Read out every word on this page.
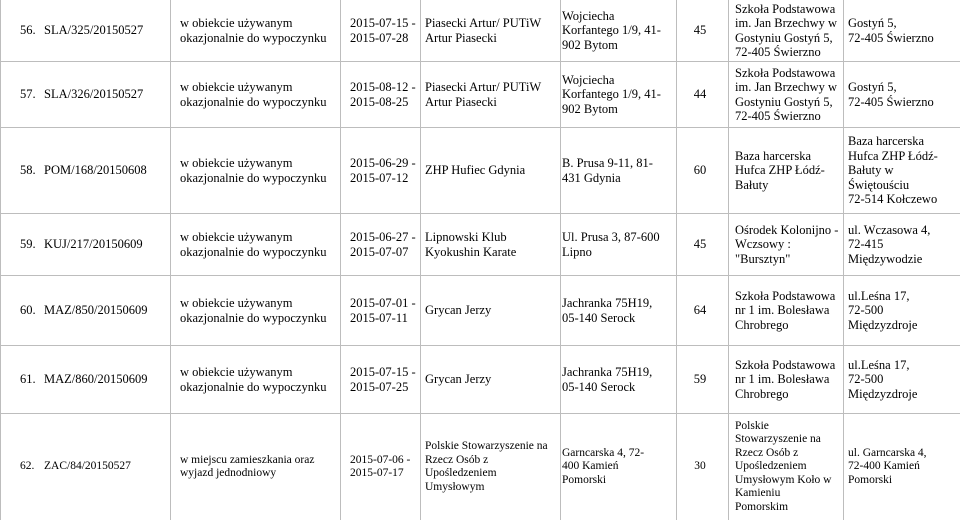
56. SLA/325/20150527
w obiekcie używanym
okazjonalnie do wypoczynku
2015-07-15 -
2015-07-28
Piasecki Artur/ PUTiW
Artur Piasecki
Wojciecha
Korfantego 1/9, 41-
902 Bytom
45
Szkoła Podstawowa
im. Jan Brzechwy w
Gostyniu Gostyń 5,
72-405 Świerzno
Gostyń 5,
72-405 Świerzno
57. SLA/326/20150527
w obiekcie używanym
okazjonalnie do wypoczynku
2015-08-12 -
2015-08-25
Piasecki Artur/ PUTiW
Artur Piasecki
Wojciecha
Korfantego 1/9, 41-
902 Bytom
44
Szkoła Podstawowa
im. Jan Brzechwy w
Gostyniu Gostyń 5,
72-405 Świerzno
Gostyń 5,
72-405 Świerzno
58. POM/168/20150608
w obiekcie używanym
okazjonalnie do wypoczynku
2015-06-29 -
2015-07-12
ZHP Hufiec Gdynia
B. Prusa 9-11, 81-
431 Gdynia
60
Baza harcerska
Hufca ZHP Łódź-
Bałuty
Baza harcerska
Hufca ZHP Łódź-
Bałuty w
Świętouściu
72-514 Kołczewo
59. KUJ/217/20150609
w obiekcie używanym
okazjonalnie do wypoczynku
2015-06-27 -
2015-07-07
Lipnowski Klub
Kyokushin Karate
Ul. Prusa 3, 87-600
Lipno
45
Ośrodek Kolonijno -
Wczsowy :
"Bursztyn"
ul. Wczasowa 4,
72-415
Międzywodzie
60. MAZ/850/20150609
w obiekcie używanym
okazjonalnie do wypoczynku
2015-07-01 -
2015-07-11
Grycan Jerzy
Jachranka 75H19,
05-140 Serock
64
Szkoła Podstawowa
nr 1 im. Bolesława
Chrobrego
ul.Leśna 17,
72-500
Międzyzdroje
61. MAZ/860/20150609
w obiekcie używanym
okazjonalnie do wypoczynku
2015-07-15 -
2015-07-25
Grycan Jerzy
Jachranka 75H19,
05-140 Serock
59
Szkoła Podstawowa
nr 1 im. Bolesława
Chrobrego
ul.Leśna 17,
72-500
Międzyzdroje
62. ZAC/84/20150527
w miejscu zamieszkania oraz
wyjazd jednodniowy
2015-07-06 -
2015-07-17
Polskie Stowarzyszenie na
Rzecz Osób z
Upośledzeniem
Umysłowym
Garncarska 4, 72-
400 Kamień
Pomorski
30
Polskie
Stowarzyszenie na
Rzecz Osób z
Upośledzeniem
Umysłowym Koło w
Kamieniu
Pomorskim
ul. Garncarska 4,
72-400 Kamień
Pomorski
